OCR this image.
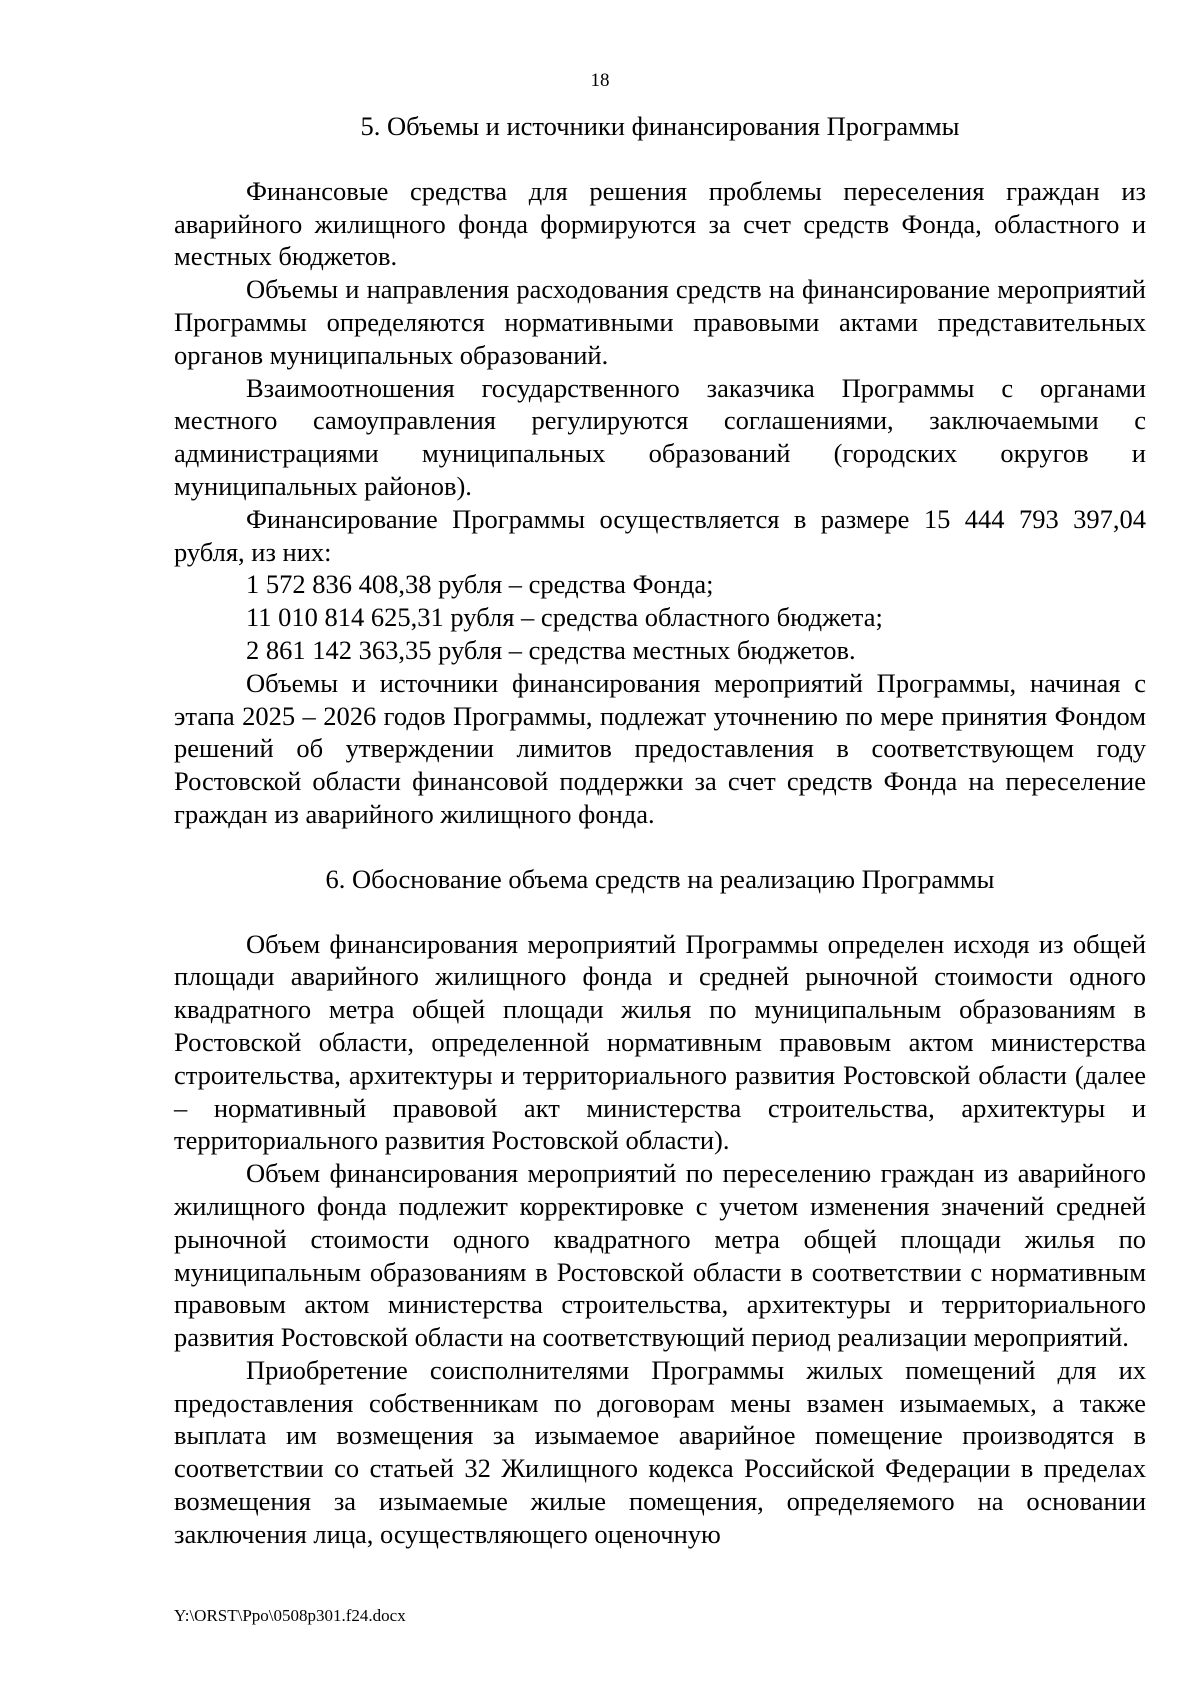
18
5. Объемы и источники финансирования Программы

Финансовые средства для решения проблемы переселения граждан из аварийного жилищного фонда формируются за счет средств Фонда, областного и местных бюджетов.

Объемы и направления расходования средств на финансирование мероприятий Программы определяются нормативными правовыми актами представительных органов муниципальных образований.

Взаимоотношения государственного заказчика Программы с органами местного самоуправления регулируются соглашениями, заключаемыми с администрациями муниципальных образований (городских округов и муниципальных районов).

Финансирование Программы осуществляется в размере 15 444 793 397,04 рубля, из них:

1 572 836 408,38 рубля – средства Фонда;

11 010 814 625,31 рубля – средства областного бюджета;

2 861 142 363,35 рубля – средства местных бюджетов.

Объемы и источники финансирования мероприятий Программы, начиная с этапа 2025 – 2026 годов Программы, подлежат уточнению по мере принятия Фондом решений об утверждении лимитов предоставления в соответствующем году Ростовской области финансовой поддержки за счет средств Фонда на переселение граждан из аварийного жилищного фонда.

6. Обоснование объема средств на реализацию Программы

Объем финансирования мероприятий Программы определен исходя из общей площади аварийного жилищного фонда и средней рыночной стоимости одного квадратного метра общей площади жилья по муниципальным образованиям в Ростовской области, определенной нормативным правовым актом министерства строительства, архитектуры и территориального развития Ростовской области (далее – нормативный правовой акт министерства строительства, архитектуры и территориального развития Ростовской области).

Объем финансирования мероприятий по переселению граждан из аварийного жилищного фонда подлежит корректировке с учетом изменения значений средней рыночной стоимости одного квадратного метра общей площади жилья по муниципальным образованиям в Ростовской области в соответствии с нормативным правовым актом министерства строительства, архитектуры и территориального развития Ростовской области на соответствующий период реализации мероприятий.

Приобретение соисполнителями Программы жилых помещений для их предоставления собственникам по договорам мены взамен изымаемых, а также выплата им возмещения за изымаемое аварийное помещение производятся в соответствии со статьей 32 Жилищного кодекса Российской Федерации в пределах возмещения за изымаемые жилые помещения, определяемого на основании заключения лица, осуществляющего оценочную

Y:\ORST\Ppo\0508p301.f24.docx
